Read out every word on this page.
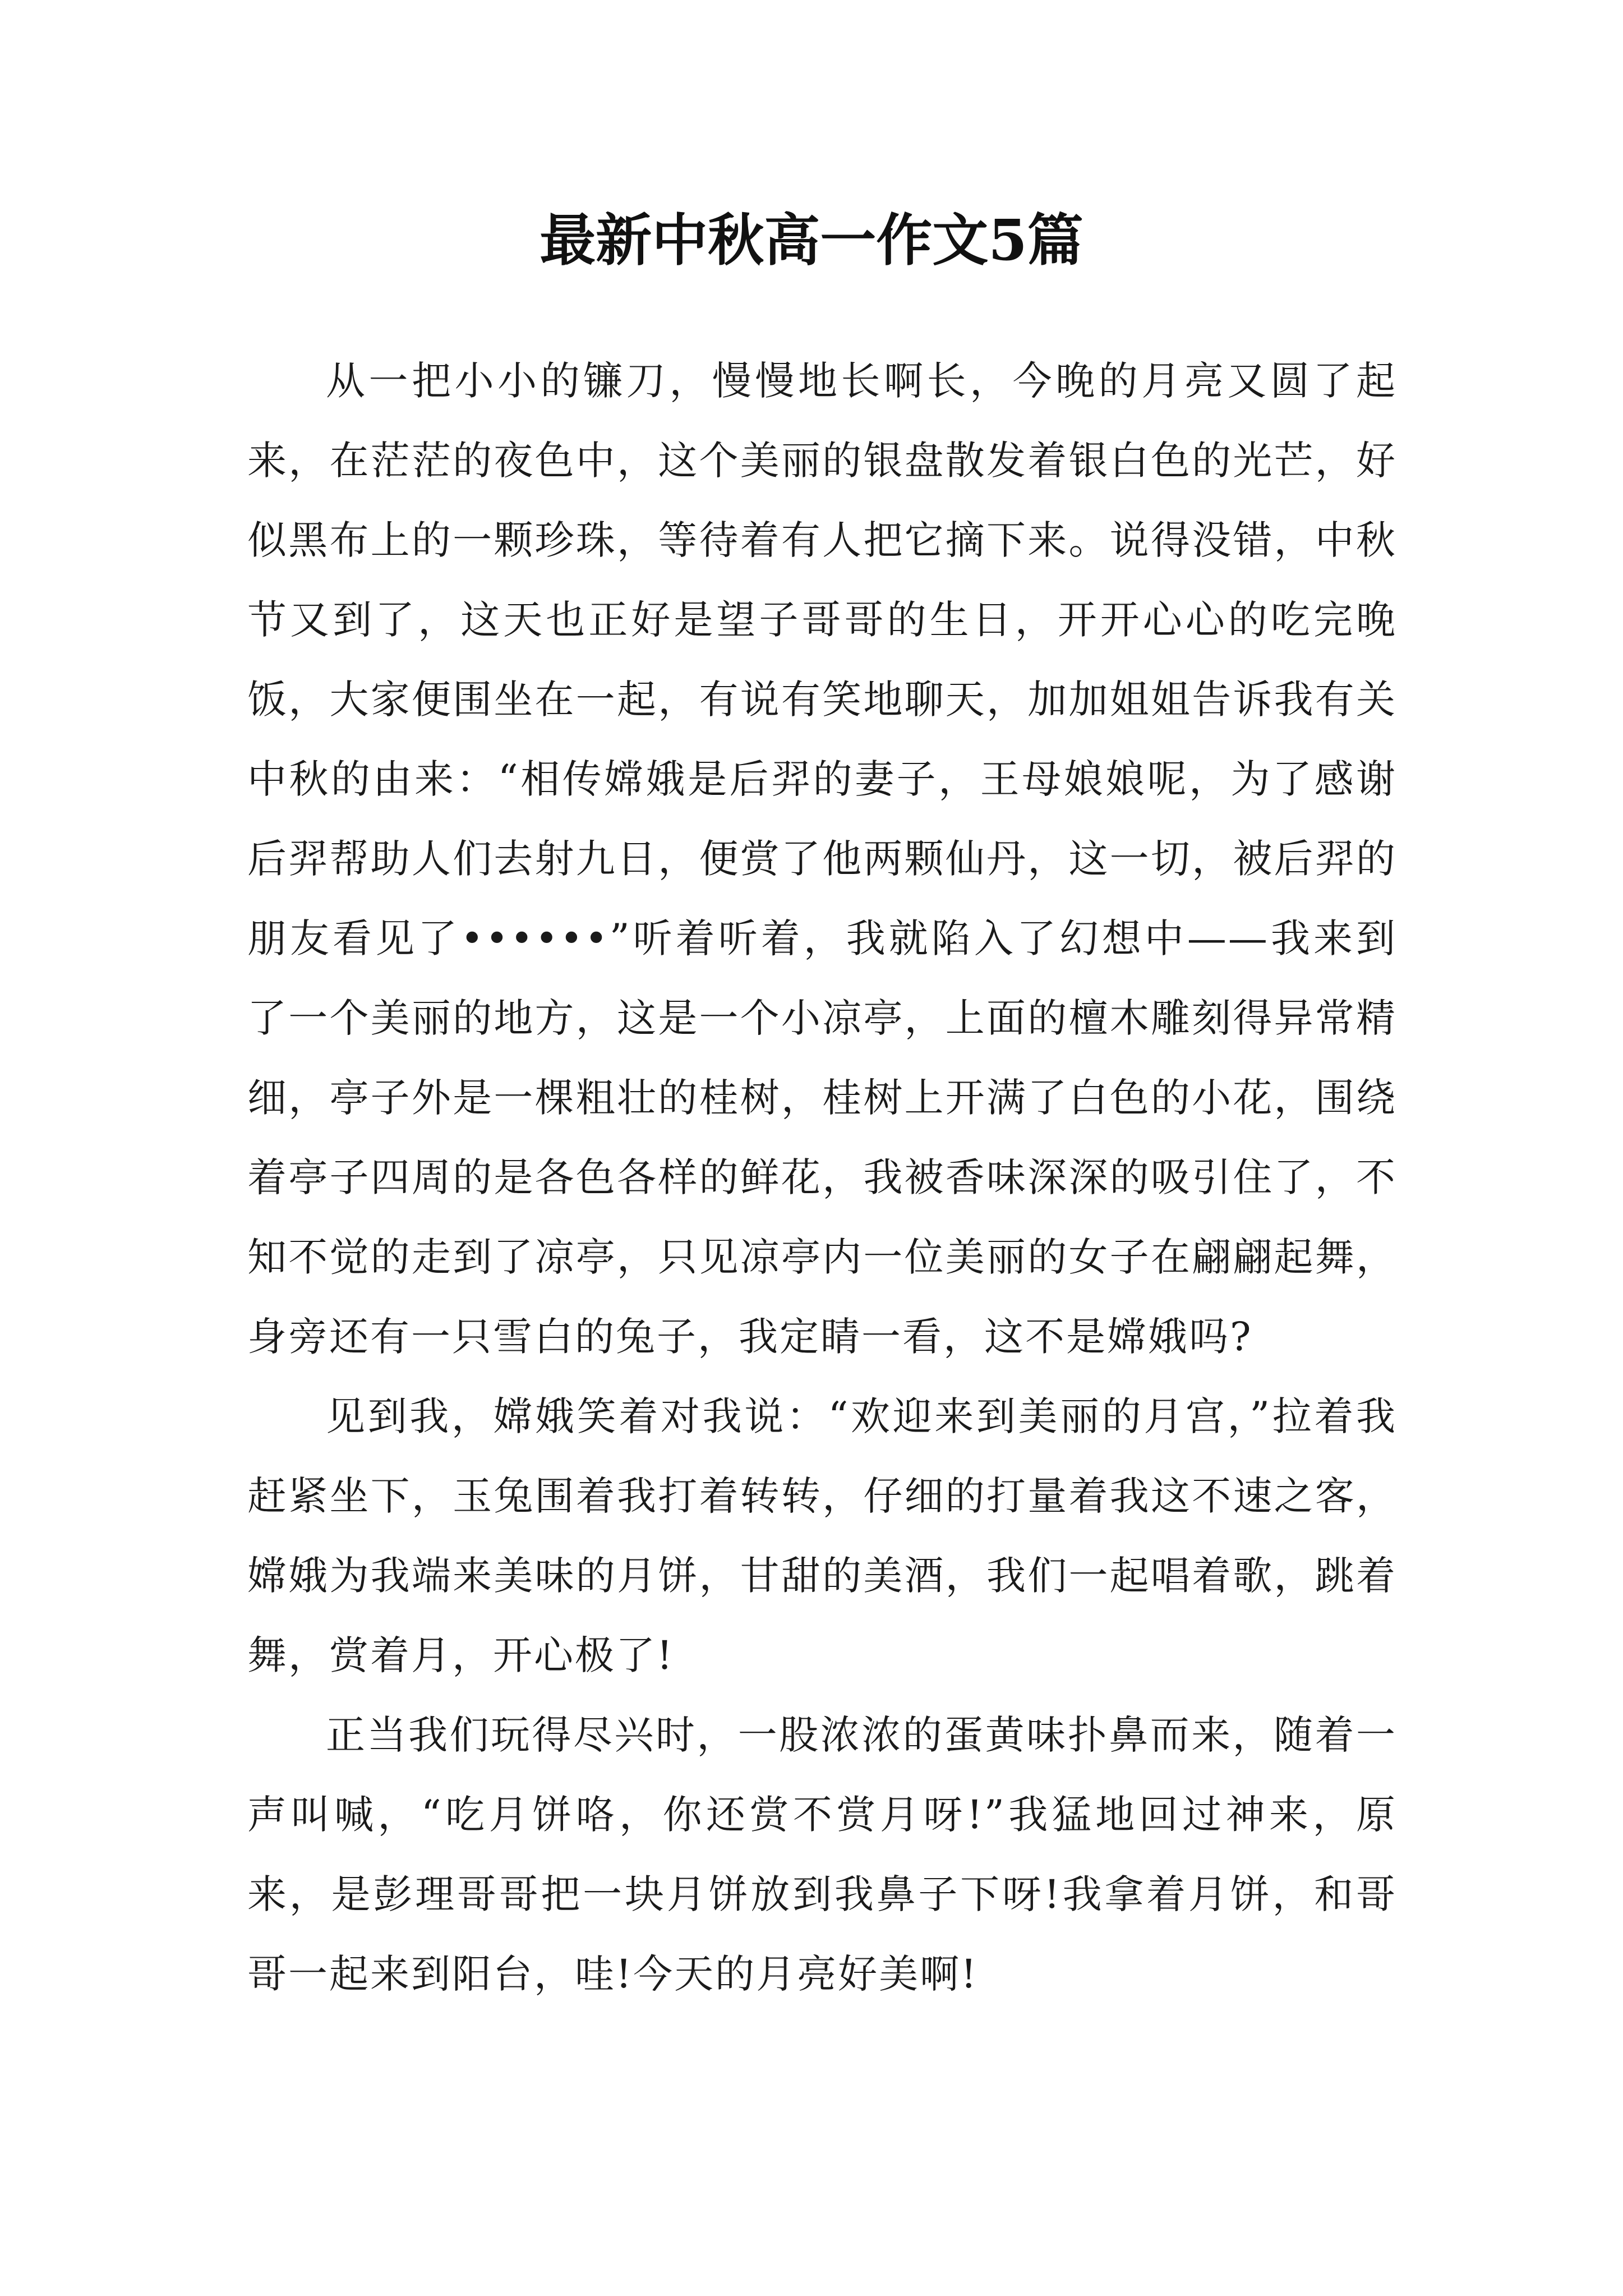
最新中秋高一作文5篇

从一把小小的镰刀，慢慢地长啊长，今晚的月亮又圆了起来，在茫茫的夜色中，这个美丽的银盘散发着银白色的光芒，好似黑布上的一颗珍珠，等待着有人把它摘下来。说得没错，中秋节又到了，这天也正好是望子哥哥的生日，开开心心的吃完晚饭，大家便围坐在一起，有说有笑地聊天，加加姐姐告诉我有关中秋的由来：“相传嫦娥是后羿的妻子，王母娘娘呢，为了感谢后羿帮助人们去射九日，便赏了他两颗仙丹，这一切，被后羿的朋友看见了••••••”听着听着，我就陷入了幻想中——我来到了一个美丽的地方，这是一个小凉亭，上面的檀木雕刻得异常精细，亭子外是一棵粗壮的桂树，桂树上开满了白色的小花，围绕着亭子四周的是各色各样的鲜花，我被香味深深的吸引住了，不知不觉的走到了凉亭，只见凉亭内一位美丽的女子在翩翩起舞，身旁还有一只雪白的兔子，我定睛一看，这不是嫦娥吗?

见到我，嫦娥笑着对我说：“欢迎来到美丽的月宫，”拉着我赶紧坐下，玉兔围着我打着转转，仔细的打量着我这不速之客，嫦娥为我端来美味的月饼，甘甜的美酒，我们一起唱着歌，跳着舞，赏着月，开心极了!

正当我们玩得尽兴时，一股浓浓的蛋黄味扑鼻而来，随着一声叫喊，“吃月饼咯，你还赏不赏月呀!”我猛地回过神来，原来，是彭理哥哥把一块月饼放到我鼻子下呀!我拿着月饼，和哥哥一起来到阳台，哇!今天的月亮好美啊!
